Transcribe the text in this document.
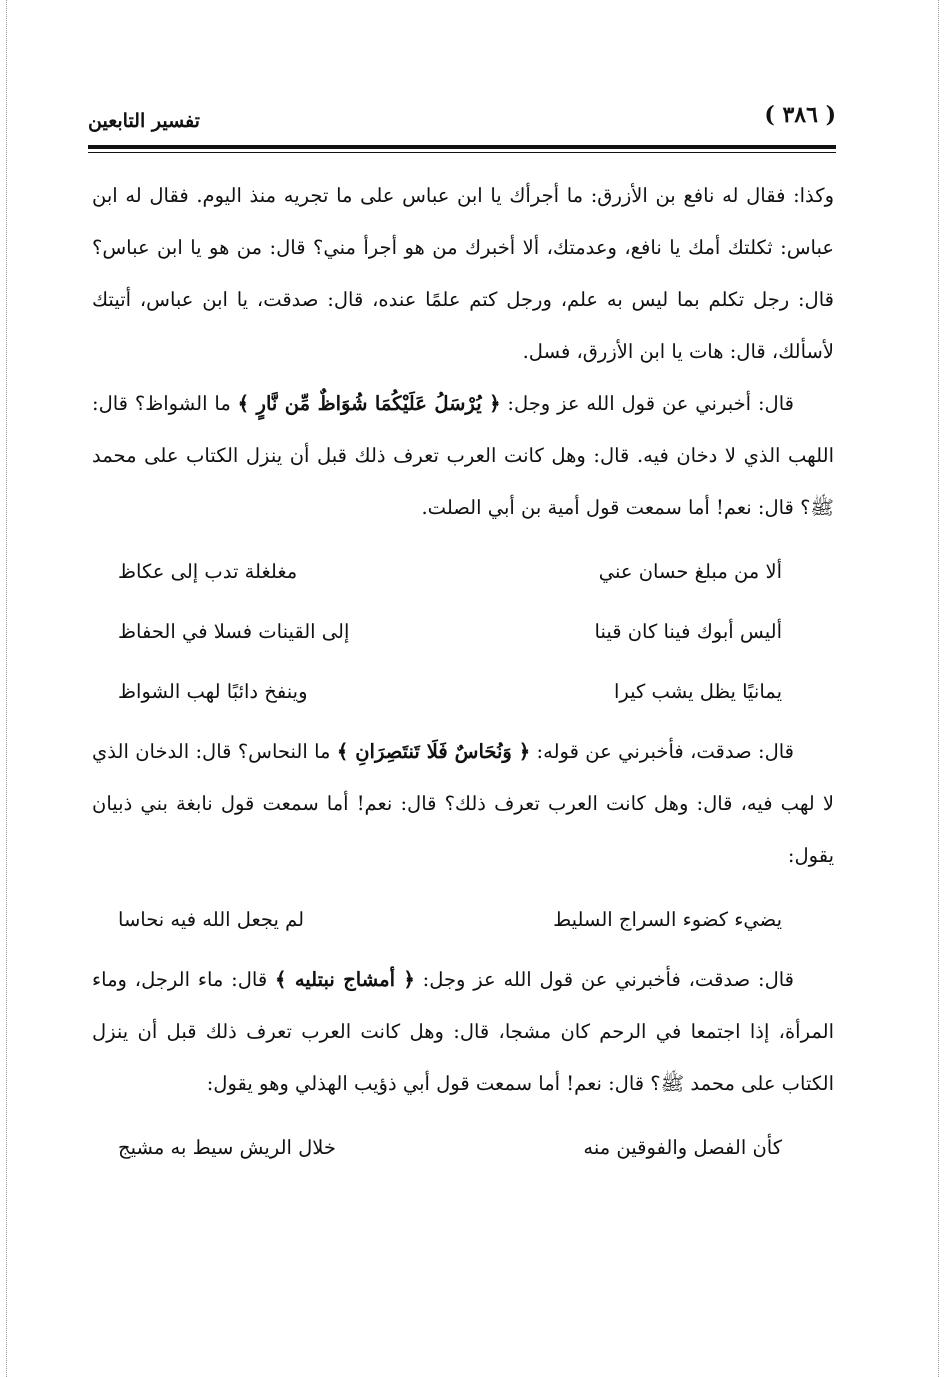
تفسير التابعين	( ٣٨٦ )

وكذا: فقال له نافع بن الأزرق: ما أجرأك يا ابن عباس على ما تجريه منذ اليوم. فقال له ابن عباس: ثكلتك أمك يا نافع، وعدمتك، ألا أخبرك من هو أجرأ مني؟ قال: من هو يا ابن عباس؟ قال: رجل تكلم بما ليس به علم، ورجل كتم علمًا عنده، قال: صدقت، يا ابن عباس، أتيتك لأسألك، قال: هات يا ابن الأزرق، فسل.

قال: أخبرني عن قول الله عز وجل: ﴿ يُرْسَلُ عَلَيْكُمَا شُوَاظٌ مِّن نَّارٍ ﴾ ما الشواظ؟ قال: اللهب الذي لا دخان فيه. قال: وهل كانت العرب تعرف ذلك قبل أن ينزل الكتاب على محمد ﷺ؟ قال: نعم! أما سمعت قول أمية بن أبي الصلت.

ألا من مبلغ حسان عني
مغلغلة تدب إلى عكاظ
أليس أبوك فينا كان قينا
إلى القينات فسلا في الحفاظ
يمانيًا يظل يشب كيرا
وينفخ دائبًا لهب الشواظ

قال: صدقت، فأخبرني عن قوله: ﴿ وَنُحَاسٌ فَلَا تَنتَصِرَانِ ﴾ ما النحاس؟ قال: الدخان الذي لا لهب فيه، قال: وهل كانت العرب تعرف ذلك؟ قال: نعم! أما سمعت قول نابغة بني ذبيان يقول:

يضيء كضوء السراج السليط
لم يجعل الله فيه نحاسا

قال: صدقت، فأخبرني عن قول الله عز وجل: ﴿ أمشاج نبتليه ﴾ قال: ماء الرجل، وماء المرأة، إذا اجتمعا في الرحم كان مشجا، قال: وهل كانت العرب تعرف ذلك قبل أن ينزل الكتاب على محمد ﷺ؟ قال: نعم! أما سمعت قول أبي ذؤيب الهذلي وهو يقول:

كأن الفصل والفوقين منه
خلال الريش سيط به مشيج
